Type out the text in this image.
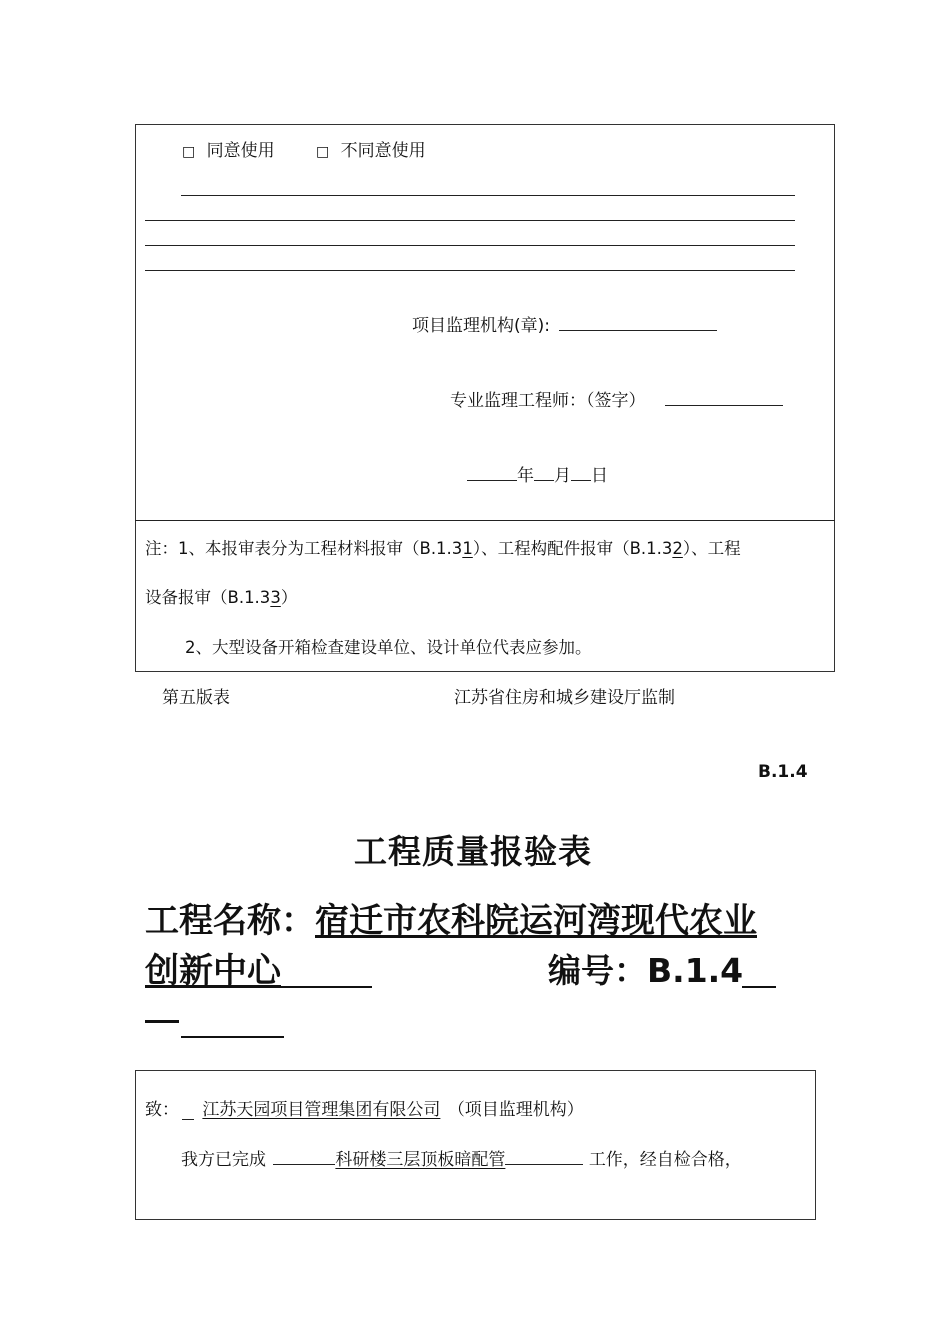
□ 同意使用	□ 不同意使用
项目监理机构(章):
专业监理工程师：（签字）
年 月 日
注：1、本报审表分为工程材料报审（B.1.31）、工程构配件报审（B.1.32）、工程
设备报审（B.1.33）
2、大型设备开箱检查建设单位、设计单位代表应参加。
第五版表	江苏省住房和城乡建设厅监制
B.1.4
工程质量报验表
工程名称：宿迁市农科院运河湾现代农业
创新中心	编号：B.1.4
致： 江苏天园项目管理集团有限公司 （项目监理机构）
我方已完成	科研楼三层顶板暗配管	工作，经自检合格，
